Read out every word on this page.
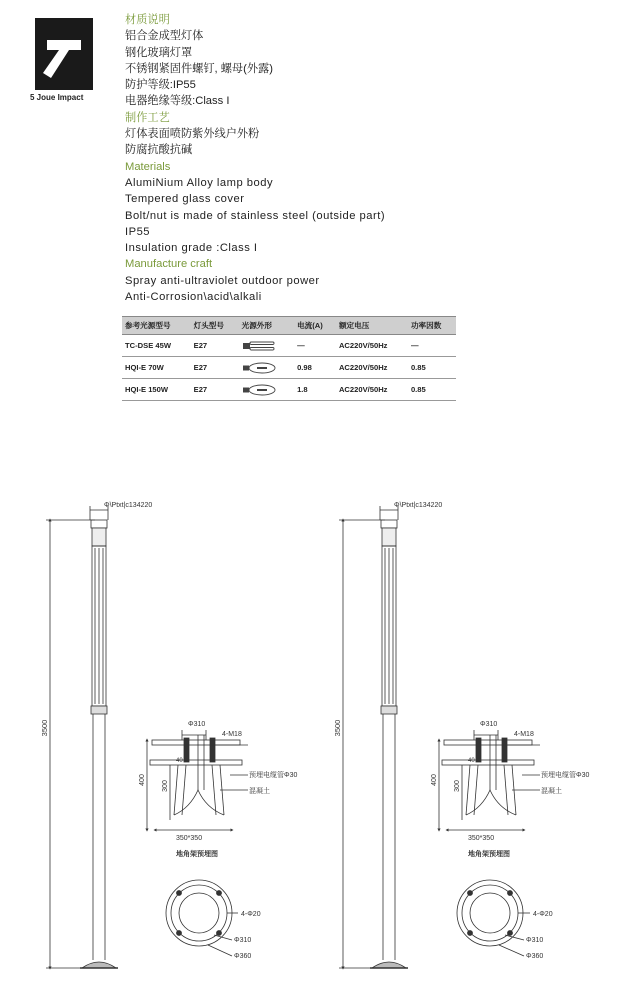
5 Joue Impact
材质说明
铝合金成型灯体
钢化玻璃灯罩
不锈钢紧固件螺钉, 螺母(外露)
防护等级:IP55
电器绝缘等级:Class I
制作工艺
灯体表面喷防紫外线户外粉
防腐抗酸抗碱
Materials
AlumiNium Alloy lamp body
Tempered glass cover
Bolt/nut is made of stainless steel (outside part)
IP55
Insulation grade :Class I
Manufacture craft
Spray anti-ultraviolet outdoor power
Anti-Corrosion\acid\alkali
参考光源型号	灯头型号	光源外形	电流(A)	额定电压	功率因数
TC-DSE 45W	E27		—	AC220V/50Hz	—
HQI-E 70W	E27		0.98	AC220V/50Hz	0.85
HQI-E 150W	E27		1.8	AC220V/50Hz	0.85
Φ\Ptxt|c134220
3500	Φ310
4-M18
40
400
300
预埋电缆管Φ30
混凝土
350*350
地角架预埋图
4-Φ20
Φ310
Φ360
Φ\Ptxt|c134220
3500	Φ310
4-M18
40
400
300
预埋电缆管Φ30
混凝土
350*350
地角架预埋图
4-Φ20
Φ310
Φ360
